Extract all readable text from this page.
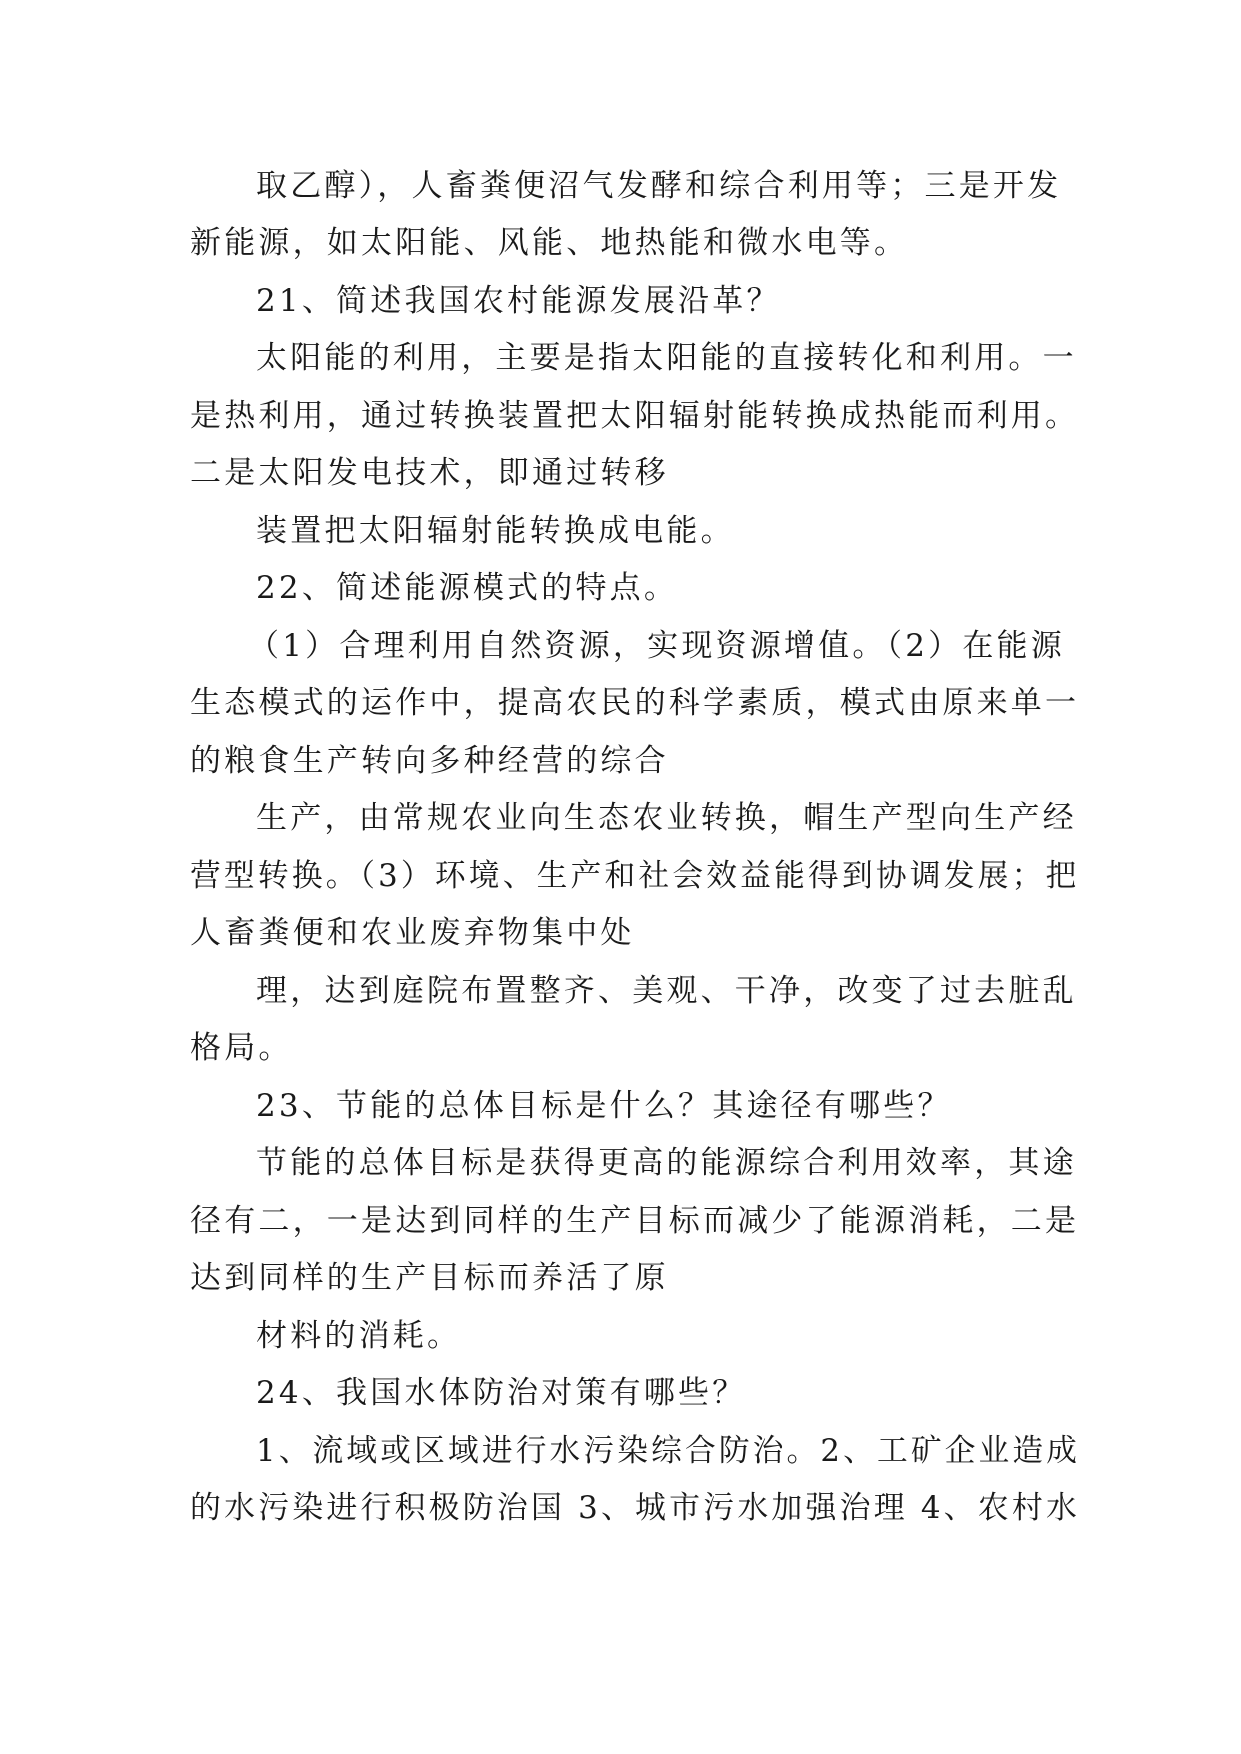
取乙醇），人畜粪便沼气发酵和综合利用等；三是开发
新能源，如太阳能、风能、地热能和微水电等。
21、简述我国农村能源发展沿革？
太阳能的利用，主要是指太阳能的直接转化和利用。一
是热利用，通过转换装置把太阳辐射能转换成热能而利用。
二是太阳发电技术，即通过转移
装置把太阳辐射能转换成电能。
22、简述能源模式的特点。
（1）合理利用自然资源，实现资源增值。（2）在能源
生态模式的运作中，提高农民的科学素质，模式由原来单一
的粮食生产转向多种经营的综合
生产，由常规农业向生态农业转换，帽生产型向生产经
营型转换。（3）环境、生产和社会效益能得到协调发展；把
人畜粪便和农业废弃物集中处
理，达到庭院布置整齐、美观、干净，改变了过去脏乱
格局。
23、节能的总体目标是什么？其途径有哪些？
节能的总体目标是获得更高的能源综合利用效率，其途
径有二，一是达到同样的生产目标而减少了能源消耗，二是
达到同样的生产目标而养活了原
材料的消耗。
24、我国水体防治对策有哪些？
1、流域或区域进行水污染综合防治。2、工矿企业造成
的水污染进行积极防治国 3、城市污水加强治理 4、农村水
